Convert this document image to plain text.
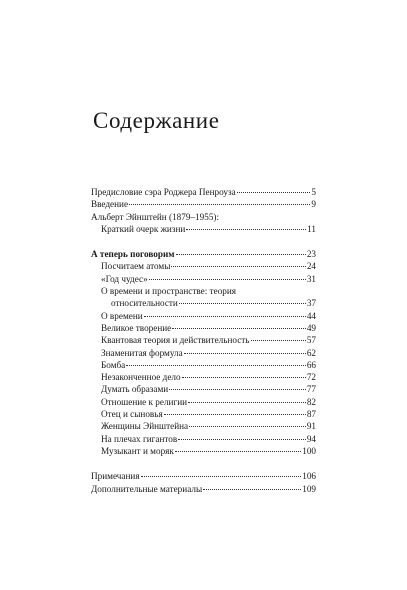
Содержание
Предисловие сэра Роджера Пенроуза	5
Введение	9
Альберт Эйнштейн (1879–1955):
Краткий очерк жизни	11
А теперь поговорим	23
Посчитаем атомы	24
«Год чудес»	31
О времени и пространстве: теория
относительности	37
О времени	44
Великое творение	49
Квантовая теория и действительность	57
Знаменитая формула	62
Бомба	66
Незаконченное дело	72
Думать образами	77
Отношение к религии	82
Отец и сыновья	87
Женщины Эйнштейна	91
На плечах гигантов	94
Музыкант и моряк	100
Примечания	106
Дополнительные материалы	109
